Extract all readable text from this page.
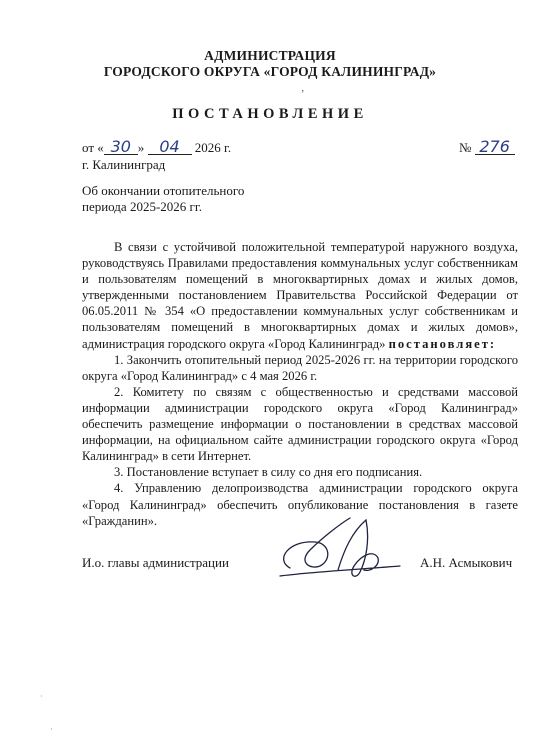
АДМИНИСТРАЦИЯ
ГОРОДСКОГО ОКРУГА «ГОРОД КАЛИНИНГРАД»
’
ПОСТАНОВЛЕНИЕ
от « 30 » 04 2026 г.	№ 276
г. Калининград
Об окончании отопительного
периода 2025-2026 гг.

В связи с устойчивой положительной температурой наружного воздуха, руководствуясь Правилами предоставления коммунальных услуг собственникам и пользователям помещений в многоквартирных домах и жилых домов, утвержденными постановлением Правительства Российской Федерации от 06.05.2011 № 354 «О предоставлении коммунальных услуг собственникам и пользователям помещений в многоквартирных домах и жилых домов», администрация городского округа «Город Калининград» постановляет:

1. Закончить отопительный период 2025-2026 гг. на территории городского округа «Город Калининград» с 4 мая 2026 г.

2. Комитету по связям с общественностью и средствами массовой информации администрации городского округа «Город Калининград» обеспечить размещение информации о постановлении в средствах массовой информации, на официальном сайте администрации городского округа «Город Калининград» в сети Интернет.

3. Постановление вступает в силу со дня его подписания.

4. Управлению делопроизводства администрации городского округа «Город Калининград» обеспечить опубликование постановления в газете «Гражданин».

И.о. главы администрации	А.Н. Асмыкович
·
·
